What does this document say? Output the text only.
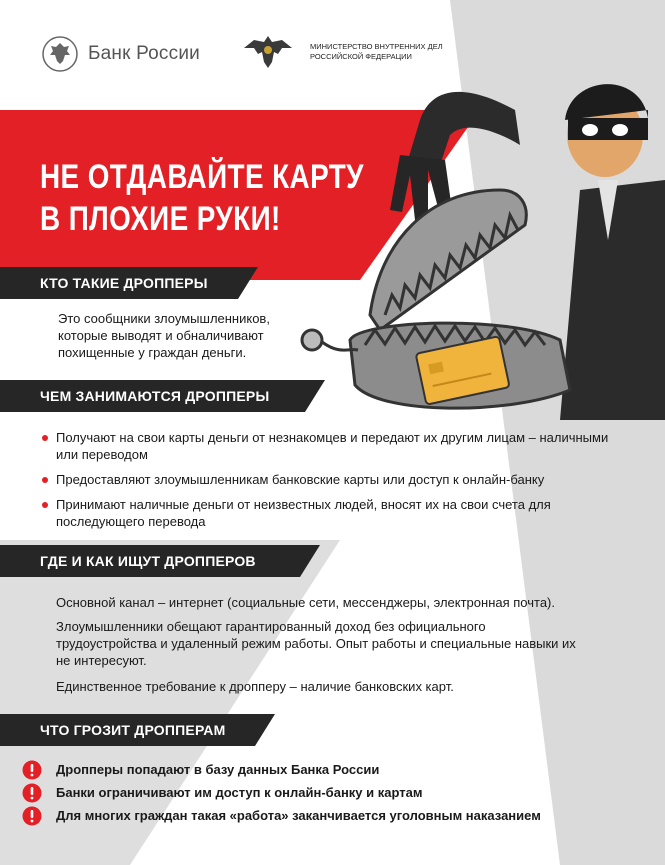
Банк России	МИНИСТЕРСТВО ВНУТРЕННИХ ДЕЛ РОССИЙСКОЙ ФЕДЕРАЦИИ
НЕ ОТДАВАЙТЕ КАРТУ
В ПЛОХИЕ РУКИ!
КТО ТАКИЕ ДРОППЕРЫ

Это сообщники злоумышленников, которые выводят и обналичивают похищенные у граждан деньги.

ЧЕМ ЗАНИМАЮТСЯ ДРОППЕРЫ
Получают на свои карты деньги от незнакомцев и передают их другим лицам – наличными или переводом
Предоставляют злоумышленникам банковские карты или доступ к онлайн-банку
Принимают наличные деньги от неизвестных людей, вносят их на свои счета для последующего перевода
ГДЕ И КАК ИЩУТ ДРОППЕРОВ

Основной канал – интернет (социальные сети, мессенджеры, электронная почта).

Злоумышленники обещают гарантированный доход без официального трудоустройства и удаленный режим работы. Опыт работы и специальные навыки их не интересуют.

Единственное требование к дропперу – наличие банковских карт.

ЧТО ГРОЗИТ ДРОППЕРАМ
Дропперы попадают в базу данных Банка России
Банки ограничивают им доступ к онлайн-банку и картам
Для многих граждан такая «работа» заканчивается уголовным наказанием
